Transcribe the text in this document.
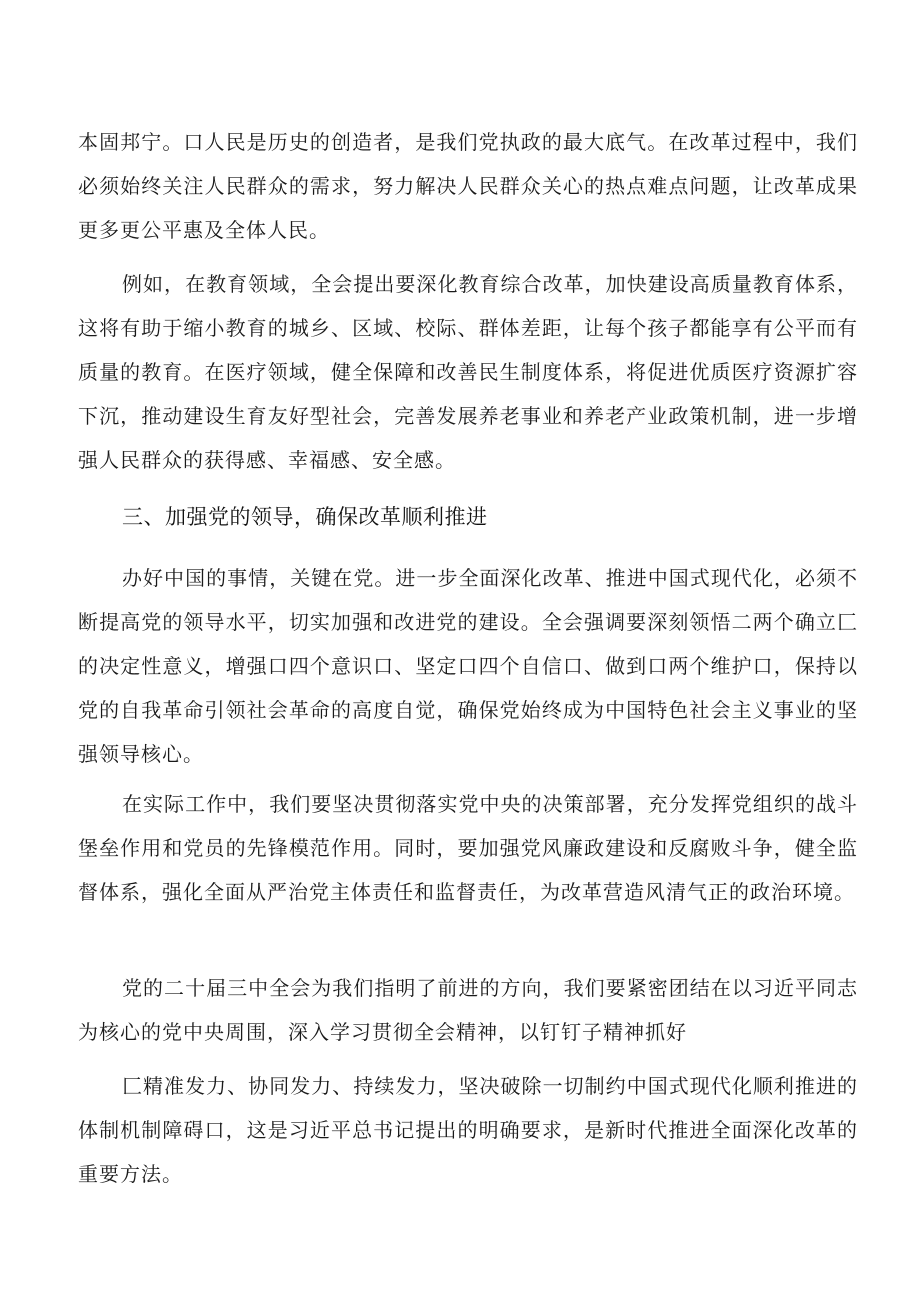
本固邦宁。口人民是历史的创造者，是我们党执政的最大底气。在改革过程中，我们必须始终关注人民群众的需求，努力解决人民群众关心的热点难点问题，让改革成果更多更公平惠及全体人民。

例如，在教育领域，全会提出要深化教育综合改革，加快建设高质量教育体系，这将有助于缩小教育的城乡、区域、校际、群体差距，让每个孩子都能享有公平而有质量的教育。在医疗领域，健全保障和改善民生制度体系，将促进优质医疗资源扩容下沉，推动建设生育友好型社会，完善发展养老事业和养老产业政策机制，进一步增强人民群众的获得感、幸福感、安全感。

三、加强党的领导，确保改革顺利推进

办好中国的事情，关键在党。进一步全面深化改革、推进中国式现代化，必须不断提高党的领导水平，切实加强和改进党的建设。全会强调要深刻领悟二两个确立匚的决定性意义，增强口四个意识口、坚定口四个自信口、做到口两个维护口，保持以党的自我革命引领社会革命的高度自觉，确保党始终成为中国特色社会主义事业的坚强领导核心。

在实际工作中，我们要坚决贯彻落实党中央的决策部署，充分发挥党组织的战斗堡垒作用和党员的先锋模范作用。同时，要加强党风廉政建设和反腐败斗争，健全监督体系，强化全面从严治党主体责任和监督责任，为改革营造风清气正的政治环境。

党的二十届三中全会为我们指明了前进的方向，我们要紧密团结在以习近平同志为核心的党中央周围，深入学习贯彻全会精神，以钉钉子精神抓好

匚精准发力、协同发力、持续发力，坚决破除一切制约中国式现代化顺利推进的体制机制障碍口，这是习近平总书记提出的明确要求，是新时代推进全面深化改革的重要方法。
